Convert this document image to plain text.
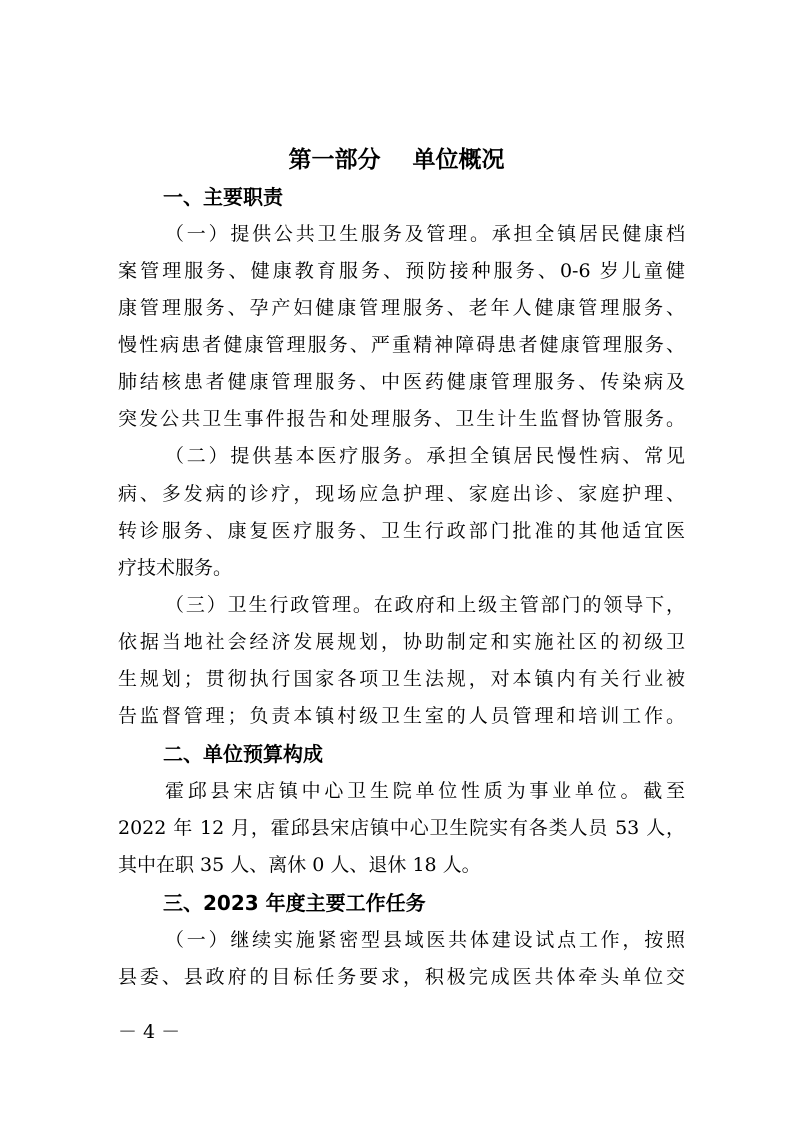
第一部分    单位概况
一、主要职责
（一）提供公共卫生服务及管理。承担全镇居民健康档
案管理服务、健康教育服务、预防接种服务、0-6 岁儿童健
康管理服务、孕产妇健康管理服务、老年人健康管理服务、
慢性病患者健康管理服务、严重精神障碍患者健康管理服务、
肺结核患者健康管理服务、中医药健康管理服务、传染病及
突发公共卫生事件报告和处理服务、卫生计生监督协管服务。
（二）提供基本医疗服务。承担全镇居民慢性病、常见
病、多发病的诊疗，现场应急护理、家庭出诊、家庭护理、
转诊服务、康复医疗服务、卫生行政部门批准的其他适宜医
疗技术服务。
（三）卫生行政管理。在政府和上级主管部门的领导下，
依据当地社会经济发展规划，协助制定和实施社区的初级卫
生规划；贯彻执行国家各项卫生法规，对本镇内有关行业被
告监督管理；负责本镇村级卫生室的人员管理和培训工作。
二、单位预算构成
霍邱县宋店镇中心卫生院单位性质为事业单位。截至
2022 年 12 月，霍邱县宋店镇中心卫生院实有各类人员 53 人，
其中在职 35 人、离休 0 人、退休 18 人。
三、2023 年度主要工作任务
（一）继续实施紧密型县域医共体建设试点工作，按照
县委、县政府的目标任务要求，积极完成医共体牵头单位交
－ 4 －
